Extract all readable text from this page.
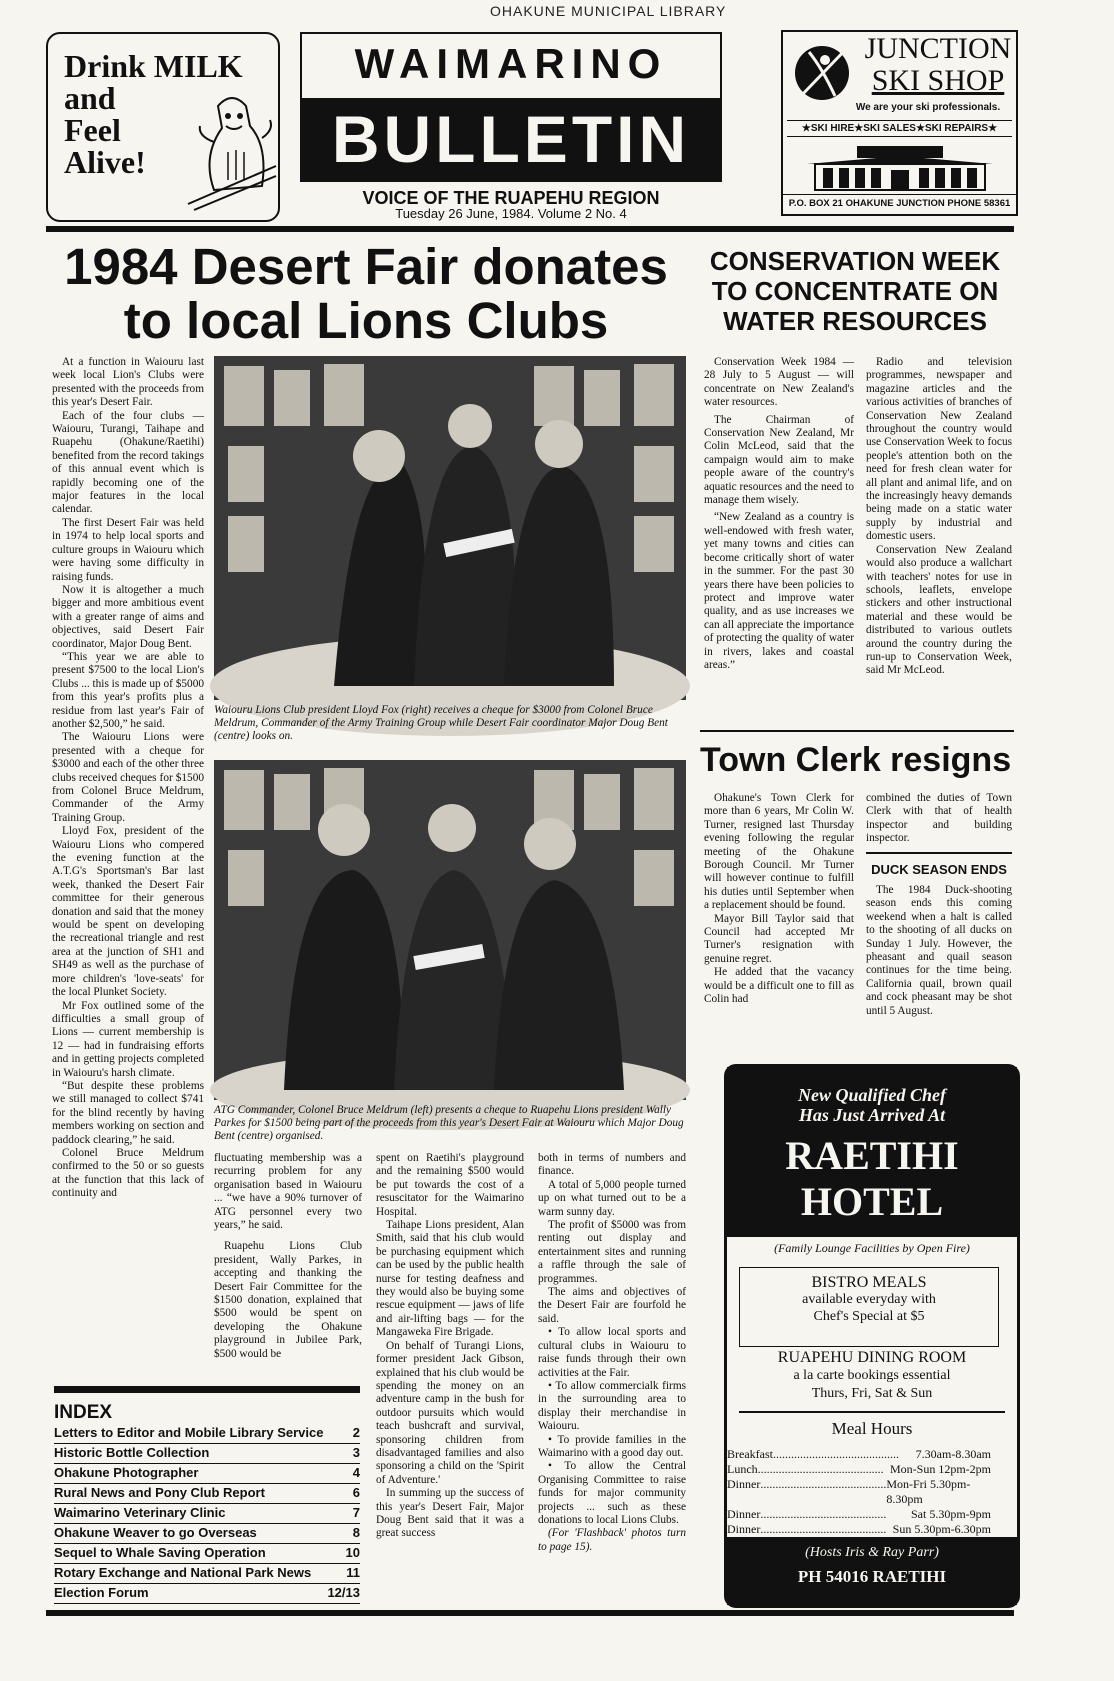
OHAKUNE MUNICIPAL LIBRARY
Drink MILK
and
Feel
Alive!
WAIMARINO
BULLETIN
VOICE OF THE RUAPEHU REGION
Tuesday 26 June, 1984. Volume 2 No. 4
JUNCTION
SKI SHOP
We are your ski professionals.
★SKI HIRE★SKI SALES★SKI REPAIRS★
P.O. BOX 21 OHAKUNE JUNCTION PHONE 58361
1984 Desert Fair donates
to local Lions Clubs

At a function in Waiouru last week local Lion's Clubs were presented with the proceeds from this year's Desert Fair.

Each of the four clubs — Waiouru, Turangi, Taihape and Ruapehu (Ohakune/Raetihi) benefited from the record takings of this annual event which is rapidly becoming one of the major features in the local calendar.

The first Desert Fair was held in 1974 to help local sports and culture groups in Waiouru which were having some difficulty in raising funds.

Now it is altogether a much bigger and more ambitious event with a greater range of aims and objectives, said Desert Fair coordinator, Major Doug Bent.

“This year we are able to present $7500 to the local Lion's Clubs ... this is made up of $5000 from this year's profits plus a residue from last year's Fair of another $2,500,” he said.

The Waiouru Lions were presented with a cheque for $3000 and each of the other three clubs received cheques for $1500 from Colonel Bruce Meldrum, Commander of the Army Training Group.

Lloyd Fox, president of the Waiouru Lions who compered the evening function at the A.T.G's Sportsman's Bar last week, thanked the Desert Fair committee for their generous donation and said that the money would be spent on developing the recreational triangle and rest area at the junction of SH1 and SH49 as well as the purchase of more children's 'love-seats' for the local Plunket Society.

Mr Fox outlined some of the difficulties a small group of Lions — current membership is 12 — had in fundraising efforts and in getting projects completed in Waiouru's harsh climate.

“But despite these problems we still managed to collect $741 for the blind recently by having members working on section and paddock clearing,” he said.

Colonel Bruce Meldrum confirmed to the 50 or so guests at the function that this lack of continuity and

Waiouru Lions Club president Lloyd Fox (right) receives a cheque for $3000 from Colonel Bruce Meldrum, Commander of the Army Training Group while Desert Fair coordinator Major Doug Bent (centre) looks on.
ATG Commander, Colonel Bruce Meldrum (left) presents a cheque to Ruapehu Lions president Wally Parkes for $1500 being part of the proceeds from this year's Desert Fair at Waiouru which Major Doug Bent (centre) organised.

fluctuating membership was a recurring problem for any organisation based in Waiouru ... “we have a 90% turnover of ATG personnel every two years,” he said.

Ruapehu Lions Club president, Wally Parkes, in accepting and thanking the Desert Fair Committee for the $1500 donation, explained that $500 would be spent on developing the Ohakune playground in Jubilee Park, $500 would be

spent on Raetihi's playground and the remaining $500 would be put towards the cost of a resuscitator for the Waimarino Hospital.

Taihape Lions president, Alan Smith, said that his club would be purchasing equipment which can be used by the public health nurse for testing deafness and they would also be buying some rescue equipment — jaws of life and air-lifting bags — for the Mangaweka Fire Brigade.

On behalf of Turangi Lions, former president Jack Gibson, explained that his club would be spending the money on an adventure camp in the bush for outdoor pursuits which would teach bushcraft and survival, sponsoring children from disadvantaged families and also sponsoring a child on the 'Spirit of Adventure.'

In summing up the success of this year's Desert Fair, Major Doug Bent said that it was a great success

both in terms of numbers and finance.

A total of 5,000 people turned up on what turned out to be a warm sunny day.

The profit of $5000 was from renting out display and entertainment sites and running a raffle through the sale of programmes.

The aims and objectives of the Desert Fair are fourfold he said.

• To allow local sports and cultural clubs in Waiouru to raise funds through their own activities at the Fair.

• To allow commercialk firms in the surrounding area to display their merchandise in Waiouru.

• To provide families in the Waimarino with a good day out.

• To allow the Central Organising Committee to raise funds for major community projects ... such as these donations to local Lions Clubs.

(For 'Flashback' photos turn to page 15).

INDEX
Letters to Editor and Mobile Library Service 2
Historic Bottle Collection	3
Ohakune Photographer	4
Rural News and Pony Club Report	6
Waimarino Veterinary Clinic	7
Ohakune Weaver to go Overseas	8
Sequel to Whale Saving Operation	10
Rotary Exchange and National Park News	11
Election Forum	12/13
CONSERVATION WEEK
TO CONCENTRATE ON
WATER RESOURCES

Conservation Week 1984 — 28 July to 5 August — will concentrate on New Zealand's water resources.

The Chairman of Conservation New Zealand, Mr Colin McLeod, said that the campaign would aim to make people aware of the country's aquatic resources and the need to manage them wisely.

“New Zealand as a country is well-endowed with fresh water, yet many towns and cities can become critically short of water in the summer. For the past 30 years there have been policies to protect and improve water quality, and as use increases we can all appreciate the importance of protecting the quality of water in rivers, lakes and coastal areas.”

Radio and television programmes, newspaper and magazine articles and the various activities of branches of Conservation New Zealand throughout the country would use Conservation Week to focus people's attention both on the need for fresh clean water for all plant and animal life, and on the increasingly heavy demands being made on a static water supply by industrial and domestic users.

Conservation New Zealand would also produce a wallchart with teachers' notes for use in schools, leaflets, envelope stickers and other instructional material and these would be distributed to various outlets around the country during the run-up to Conservation Week, said Mr McLeod.

Town Clerk resigns

Ohakune's Town Clerk for more than 6 years, Mr Colin W. Turner, resigned last Thursday evening following the regular meeting of the Ohakune Borough Council. Mr Turner will however continue to fulfill his duties until September when a replacement should be found.

Mayor Bill Taylor said that Council had accepted Mr Turner's resignation with genuine regret.

He added that the vacancy would be a difficult one to fill as Colin had

combined the duties of Town Clerk with that of health inspector and building inspector.

DUCK SEASON ENDS

The 1984 Duck-shooting season ends this coming weekend when a halt is called to the shooting of all ducks on Sunday 1 July. However, the pheasant and quail season continues for the time being. California quail, brown quail and cock pheasant may be shot until 5 August.

New Qualified Chef
Has Just Arrived At
RAETIHI
HOTEL
(Family Lounge Facilities by Open Fire)
BISTRO MEALS
available everyday with
Chef's Special at $5
RUAPEHU DINING ROOM
a la carte bookings essential
Thurs, Fri, Sat & Sun
Meal Hours
Breakfast ..........................................	7.30am-8.30am
Lunch .......................................... Mon-Sun 12pm-2pm
Dinner .......................................... Mon-Fri 5.30pm-8.30pm
Dinner ..........................................	Sat 5.30pm-9pm
Dinner .......................................... Sun 5.30pm-6.30pm
(Hosts Iris & Ray Parr)
PH 54016 RAETIHI
